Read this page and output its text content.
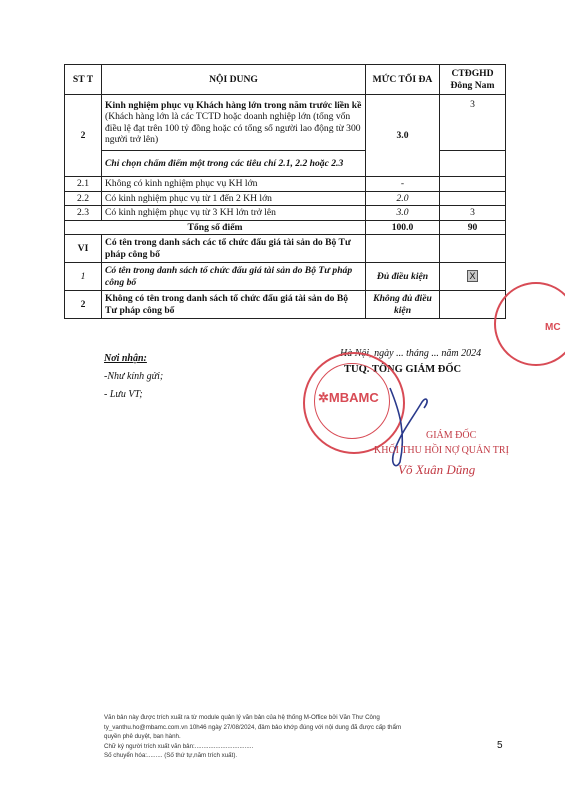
ST T	NỘI DUNG	MỨC TỐI ĐA	CTĐGHD Đông Nam
2	Kinh nghiệm phục vụ Khách hàng lớn trong năm trước liền kề (Khách hàng lớn là các TCTD hoặc doanh nghiệp lớn (tổng vốn điều lệ đạt trên 100 tỷ đồng hoặc có tổng số người lao động từ 300 người trở lên)	3.0	3
	Chỉ chọn chấm điểm một trong các tiêu chí 2.1, 2.2 hoặc 2.3		
2.1	Không có kinh nghiệm phục vụ KH lớn	-	
2.2	Có kinh nghiệm phục vụ từ 1 đến 2 KH lớn	2.0	
2.3	Có kinh nghiệm phục vụ từ 3 KH lớn trở lên	3.0	3
Tổng số điểm		100.0	90
VI	Có tên trong danh sách các tổ chức đấu giá tài sản do Bộ Tư pháp công bố		
1	Có tên trong danh sách tổ chức đấu giá tài sản do Bộ Tư pháp công bố	Đủ điều kiện	X
2	Không có tên trong danh sách tổ chức đấu giá tài sản do Bộ Tư pháp công bố	Không đủ điều kiện	
MC
Nơi nhận:
-Như kính gửi;
- Lưu VT;
Hà Nội, ngày ... tháng ... năm 2024
TUQ. TỔNG GIÁM ĐỐC
✲MBAMC
GIÁM ĐỐC
KHỐI THU HỒI NỢ QUẢN TRỊ
Võ Xuân Dũng
Văn bản này được trích xuất ra từ module quản lý văn bản của hệ thống M-Office bởi Văn Thư Công
ty_vanthu.ho@mbamc.com.vn 10h46 ngày 27/08/2024, đảm bảo khớp đúng với nội dung đã được cấp thẩm
quyền phê duyệt, ban hành.
Chữ ký người trích xuất văn bản:..................................
Số chuyển hóa:......... (Số thứ tự,năm trích xuất).
5
